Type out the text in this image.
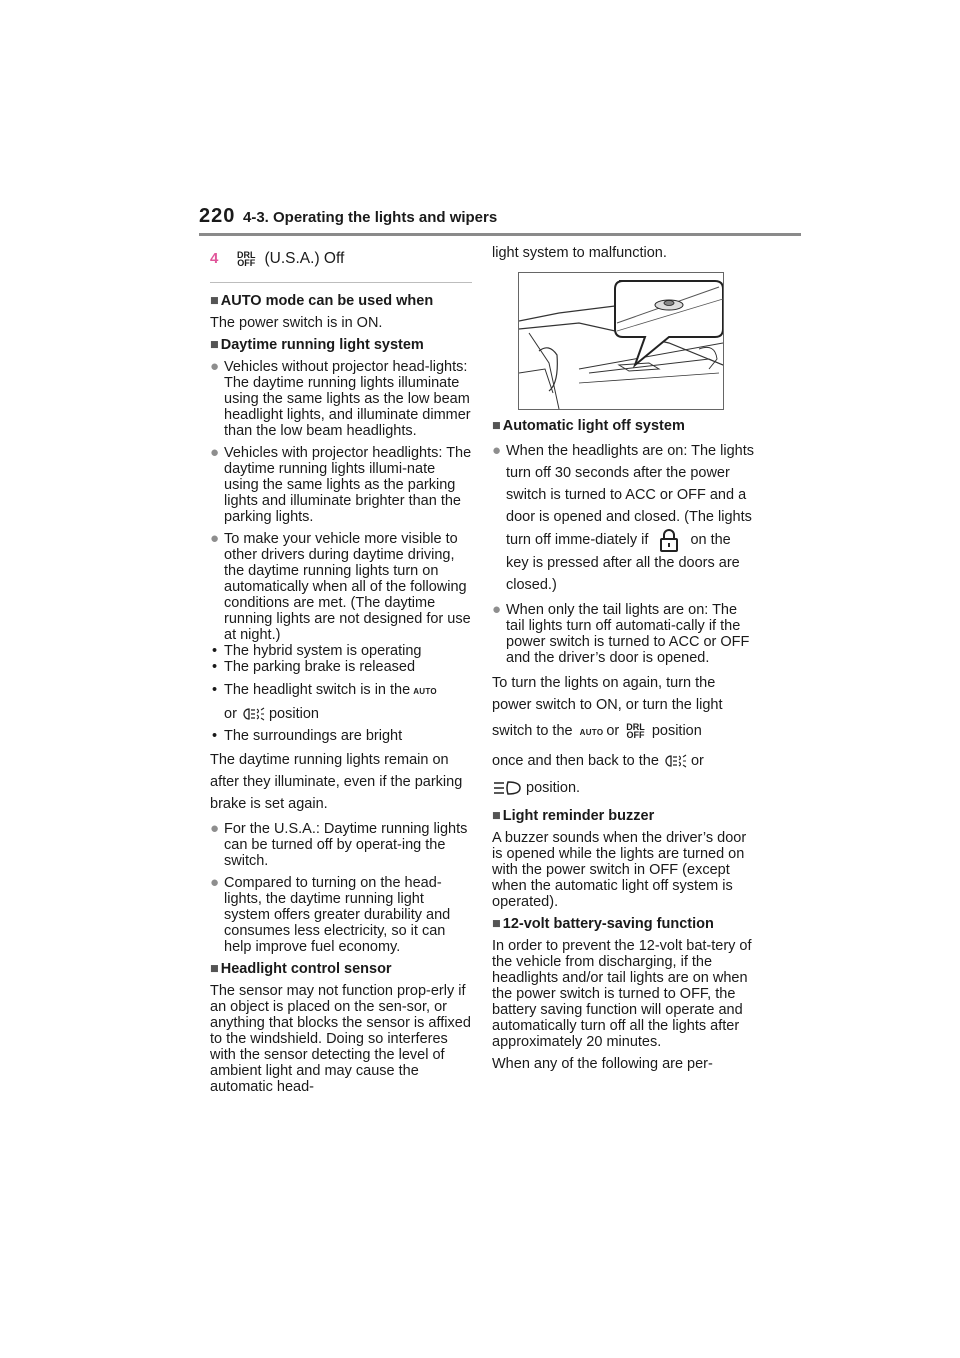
220 4-3. Operating the lights and wipers
4	DRL
OFF (U.S.A.) Off
■ AUTO mode can be used when
The power switch is in ON.
■ Daytime running light system
● Vehicles without projector head-lights: The daytime running lights illuminate using the same lights as the low beam headlight lights, and illuminate dimmer than the low beam headlights.
● Vehicles with projector headlights: The daytime running lights illumi-nate using the same lights as the parking lights and illuminate brighter than the parking lights.
● To make your vehicle more visible to other drivers during daytime driving, the daytime running lights turn on automatically when all of the following conditions are met. (The daytime running lights are not designed for use at night.)
• The hybrid system is operating
• The parking brake is released
• The headlight switch is in the AUTO
or position
• The surroundings are bright
The daytime running lights remain on after they illuminate, even if the parking brake is set again.
● For the U.S.A.: Daytime running lights can be turned off by operat-ing the switch.
● Compared to turning on the head-lights, the daytime running light system offers greater durability and consumes less electricity, so it can help improve fuel economy.
■ Headlight control sensor
The sensor may not function prop-erly if an object is placed on the sen-sor, or anything that blocks the sensor is affixed to the windshield. Doing so interferes with the sensor detecting the level of ambient light and may cause the automatic head-
light system to malfunction.
■ Automatic light off system
● When the headlights are on: The lights turn off 30 seconds after the power switch is turned to ACC or OFF and a door is opened and closed. (The lights turn off imme-diately if	on the key is pressed after all the doors are closed.)
● When only the tail lights are on: The tail lights turn off automati-cally if the power switch is turned to ACC or OFF and the driver’s door is opened.
To turn the lights on again, turn the power switch to ON, or turn the light
switch to the AUTO or DRL
OFF position
once and then back to the or
position.
■ Light reminder buzzer
A buzzer sounds when the driver’s door is opened while the lights are turned on with the power switch in OFF (except when the automatic light off system is operated).
■ 12-volt battery-saving function
In order to prevent the 12-volt bat-tery of the vehicle from discharging, if the headlights and/or tail lights are on when the power switch is turned to OFF, the battery saving function will operate and automatically turn off all the lights after approximately 20 minutes.
When any of the following are per-
